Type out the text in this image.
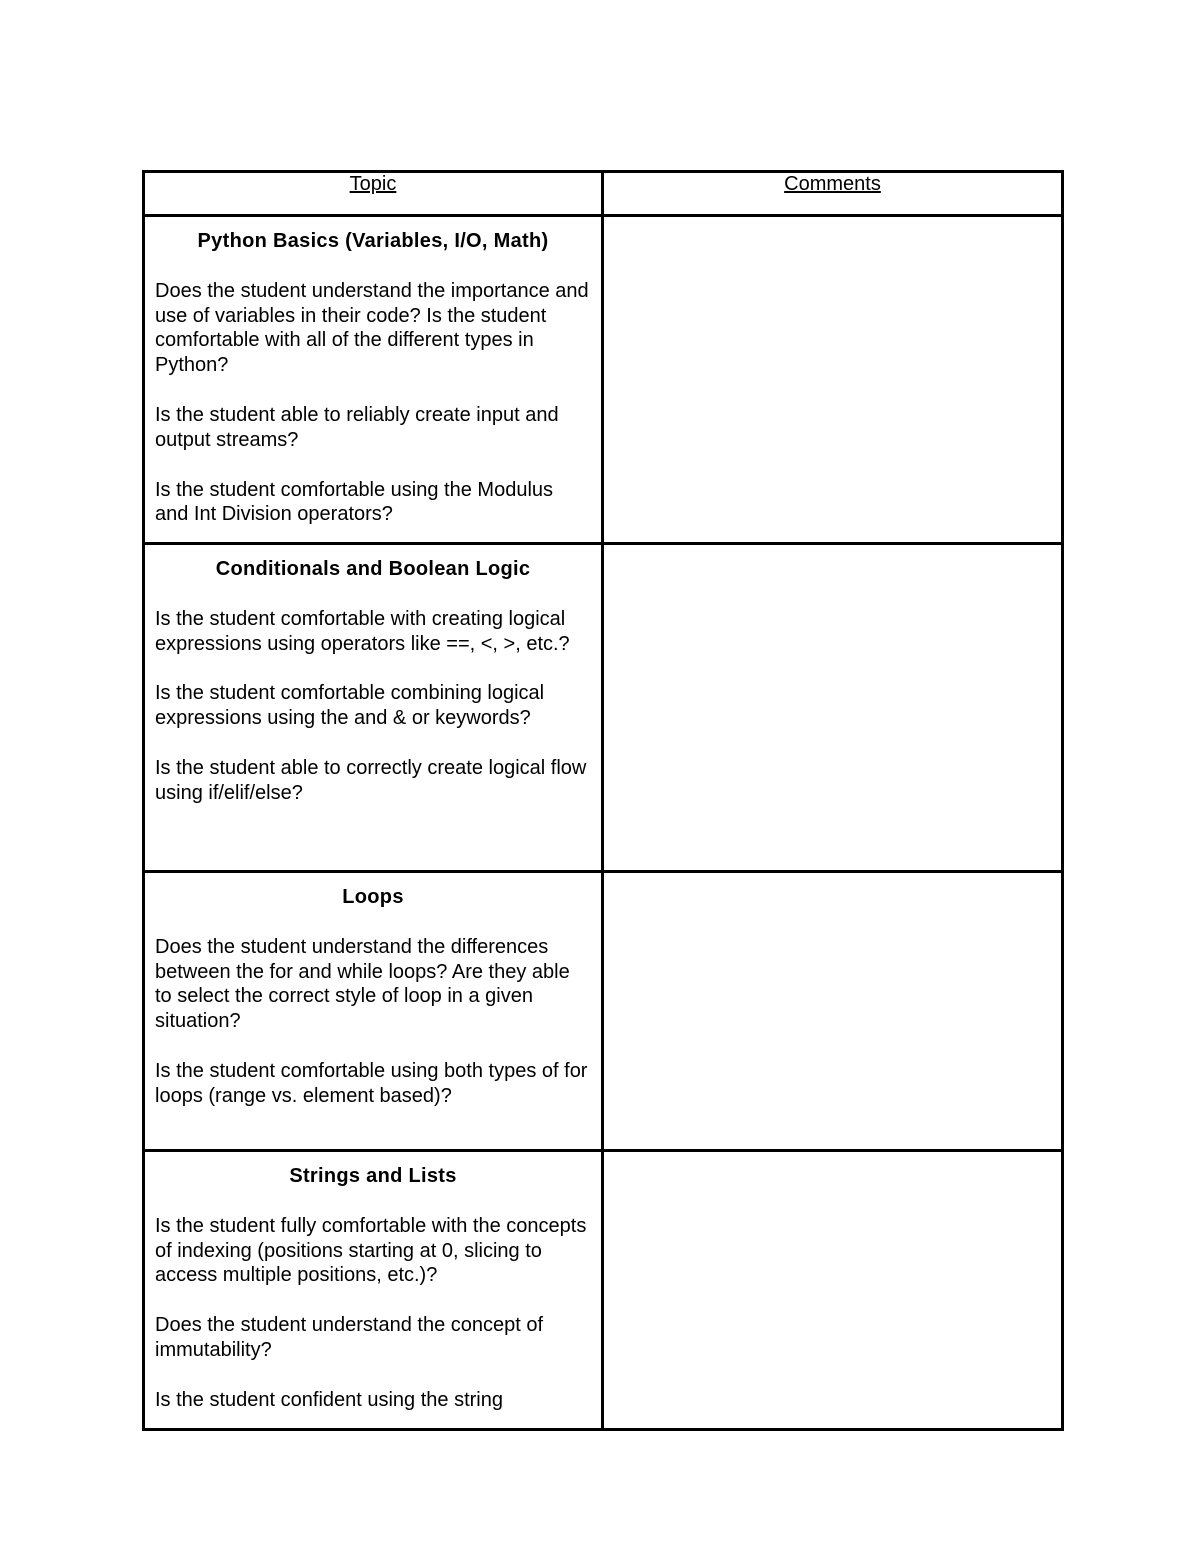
Topic	Comments

Python Basics (Variables, I/O, Math)
Does the student understand the importance and use of variables in their code? Is the student comfortable with all of the different types in Python?
Is the student able to reliably create input and output streams?
Is the student comfortable using the Modulus and Int Division operators?	

Conditionals and Boolean Logic
Is the student comfortable with creating logical expressions using operators like ==, <, >, etc.?
Is the student comfortable combining logical expressions using the and & or keywords?
Is the student able to correctly create logical flow using if/elif/else?	

Loops
Does the student understand the differences between the for and while loops? Are they able to select the correct style of loop in a given situation?
Is the student comfortable using both types of for loops (range vs. element based)?	

Strings and Lists
Is the student fully comfortable with the concepts of indexing (positions starting at 0, slicing to access multiple positions, etc.)?
Does the student understand the concept of immutability?
Is the student confident using the string	
